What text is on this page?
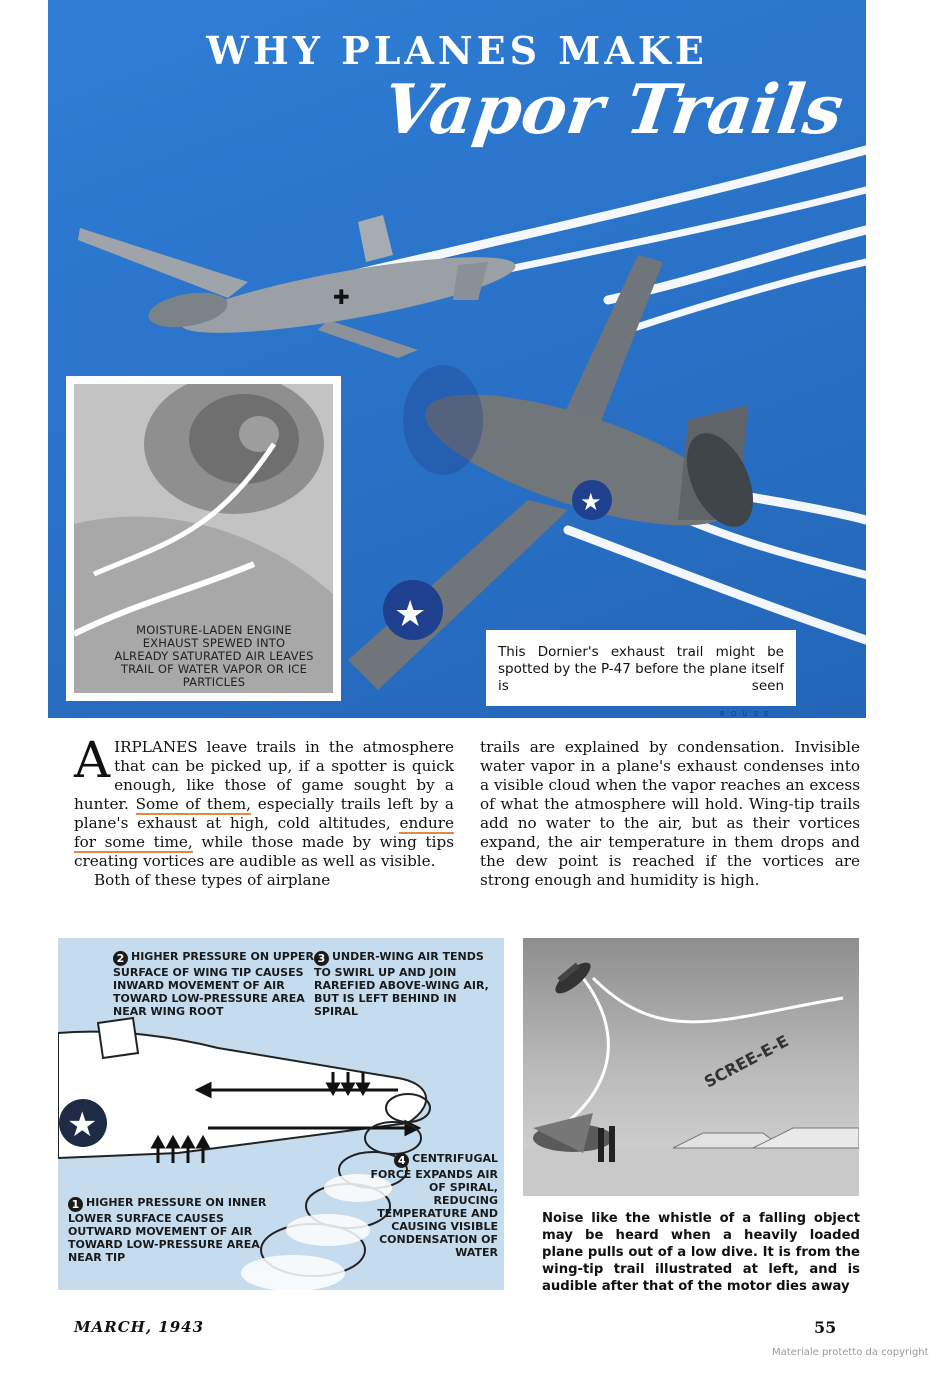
✚
★
★
WHY PLANES MAKE
Vapor Trails
MOISTURE-LADEN ENGINE EXHAUST SPEWED INTO ALREADY SATURATED AIR LEAVES TRAIL OF WATER VAPOR OR ICE PARTICLES
This Dornier's exhaust trail might be spotted by the P-47 before the plane itself is seen
ROUSE

AIRPLANES leave trails in the atmosphere that can be picked up, if a spotter is quick enough, like those of game sought by a hunter. Some of them, especially trails left by a plane's exhaust at high, cold altitudes, endure for some time, while those made by wing tips creating vortices are audible as well as visible.

Both of these types of airplane

trails are explained by condensation. Invisible water vapor in a plane's exhaust condenses into a visible cloud when the vapor reaches an excess of what the atmosphere will hold. Wing-tip trails add no water to the air, but as their vortices expand, the air temperature in them drops and the dew point is reached if the vortices are strong enough and humidity is high.

★
2 HIGHER PRESSURE ON UPPER SURFACE OF WING TIP CAUSES INWARD MOVEMENT OF AIR TOWARD LOW-PRESSURE AREA NEAR WING ROOT
3 UNDER-WING AIR TENDS TO SWIRL UP AND JOIN RAREFIED ABOVE-WING AIR, BUT IS LEFT BEHIND IN SPIRAL
1 HIGHER PRESSURE ON INNER LOWER SURFACE CAUSES OUTWARD MOVEMENT OF AIR TOWARD LOW-PRESSURE AREA NEAR TIP
4 CENTRIFUGAL FORCE EXPANDS AIR OF SPIRAL, REDUCING TEMPERATURE AND CAUSING VISIBLE CONDENSATION OF WATER
SCREE-E-E
Noise like the whistle of a falling object may be heard when a heavily loaded plane pulls out of a low dive. It is from the wing-tip trail illustrated at left, and is audible after that of the motor dies away
MARCH, 1943	55
Materiale protetto da copyright
